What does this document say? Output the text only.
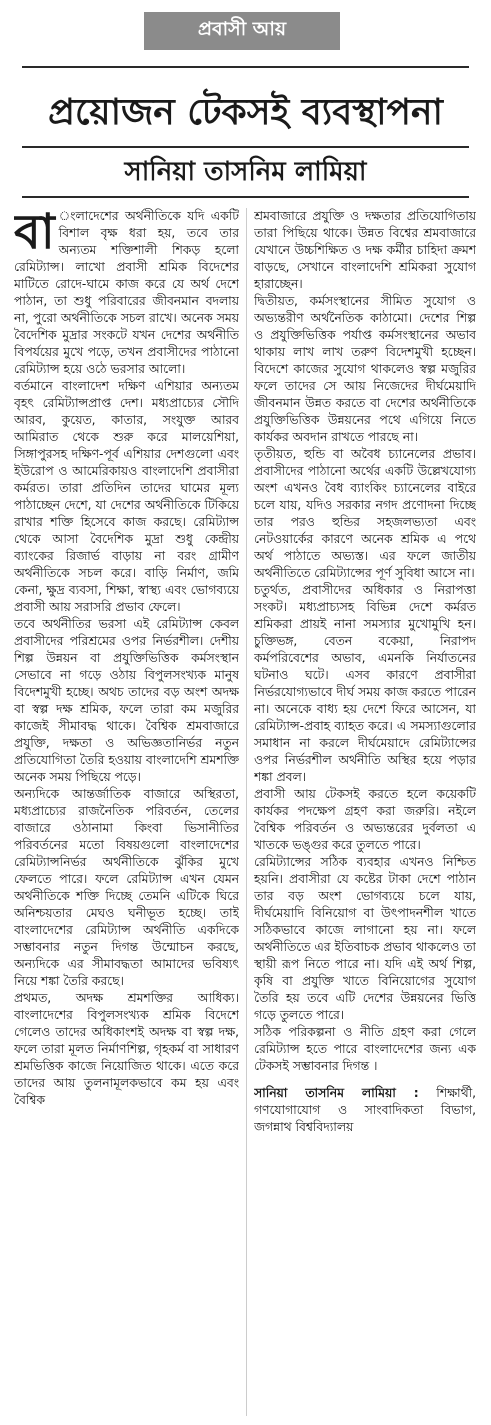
প্রবাসী আয়
প্রয়োজন টেকসই ব্যবস্থাপনা
সানিয়া তাসনিম লামিয়া

বা ংলাদেশের অর্থনীতিকে যদি একটি বিশাল বৃক্ষ ধরা হয়, তবে তার অন্যতম শক্তিশালী শিকড় হলো রেমিট্যান্স। লাখো প্রবাসী শ্রমিক বিদেশের মাটিতে রোদে-ঘামে কাজ করে যে অর্থ দেশে পাঠান, তা শুধু পরিবারের জীবনমান বদলায় না, পুরো অর্থনীতিকে সচল রাখে। অনেক সময় বৈদেশিক মুদ্রার সংকটে যখন দেশের অর্থনীতি বিপর্যয়ের মুখে পড়ে, তখন প্রবাসীদের পাঠানো রেমিট্যান্স হয়ে ওঠে ভরসার আলো।

বর্তমানে বাংলাদেশ দক্ষিণ এশিয়ার অন্যতম বৃহৎ রেমিট্যান্সপ্রাপ্ত দেশ। মধ্যপ্রাচ্যের সৌদি আরব, কুয়েত, কাতার, সংযুক্ত আরব আমিরাত থেকে শুরু করে মালয়েশিয়া, সিঙ্গাপুরসহ দক্ষিণ-পূর্ব এশিয়ার দেশগুলো এবং ইউরোপ ও আমেরিকায়ও বাংলাদেশি প্রবাসীরা কর্মরত। তারা প্রতিদিন তাদের ঘামের মূল্য পাঠাচ্ছেন দেশে, যা দেশের অর্থনীতিকে টিকিয়ে রাখার শক্তি হিসেবে কাজ করছে। রেমিট্যান্স থেকে আসা বৈদেশিক মুদ্রা শুধু কেন্দ্রীয় ব্যাংকের রিজার্ভ বাড়ায় না বরং গ্রামীণ অর্থনীতিকে সচল করে। বাড়ি নির্মাণ, জমি কেনা, ক্ষুদ্র ব্যবসা, শিক্ষা, স্বাস্থ্য এবং ভোগব্যয়ে প্রবাসী আয় সরাসরি প্রভাব ফেলে।

তবে অর্থনীতির ভরসা এই রেমিট্যান্স কেবল প্রবাসীদের পরিশ্রমের ওপর নির্ভরশীল। দেশীয় শিল্প উন্নয়ন বা প্রযুক্তিভিত্তিক কর্মসংস্থান সেভাবে না গড়ে ওঠায় বিপুলসংখ্যক মানুষ বিদেশমুখী হচ্ছে। অথচ তাদের বড় অংশ অদক্ষ বা স্বল্প দক্ষ শ্রমিক, ফলে তারা কম মজুরির কাজেই সীমাবদ্ধ থাকে। বৈশ্বিক শ্রমবাজারে প্রযুক্তি, দক্ষতা ও অভিজ্ঞতানির্ভর নতুন প্রতিযোগিতা তৈরি হওয়ায় বাংলাদেশি শ্রমশক্তি অনেক সময় পিছিয়ে পড়ে।

অন্যদিকে আন্তর্জাতিক বাজারে অস্থিরতা, মধ্যপ্রাচ্যের রাজনৈতিক পরিবর্তন, তেলের বাজারে ওঠানামা কিংবা ভিসানীতির পরিবর্তনের মতো বিষয়গুলো বাংলাদেশের রেমিট্যান্সনির্ভর অর্থনীতিকে ঝুঁকির মুখে ফেলতে পারে। ফলে রেমিট্যান্স এখন যেমন অর্থনীতিকে শক্তি দিচ্ছে তেমনি এটিকে ঘিরে অনিশ্চয়তার মেঘও ঘনীভূত হচ্ছে। তাই বাংলাদেশের রেমিট্যান্স অর্থনীতি একদিকে সম্ভাবনার নতুন দিগন্ত উন্মোচন করছে, অন্যদিকে এর সীমাবদ্ধতা আমাদের ভবিষ্যৎ নিয়ে শঙ্কা তৈরি করছে।

প্রথমত, অদক্ষ শ্রমশক্তির আধিক্য। বাংলাদেশের বিপুলসংখ্যক শ্রমিক বিদেশে গেলেও তাদের অধিকাংশই অদক্ষ বা স্বল্প দক্ষ, ফলে তারা মূলত নির্মাণশিল্প, গৃহকর্ম বা সাধারণ শ্রমভিত্তিক কাজে নিয়োজিত থাকে। এতে করে তাদের আয় তুলনামূলকভাবে কম হয় এবং বৈশ্বিক

শ্রমবাজারে প্রযুক্তি ও দক্ষতার প্রতিযোগিতায় তারা পিছিয়ে থাকে। উন্নত বিশ্বের শ্রমবাজারে যেখানে উচ্চশিক্ষিত ও দক্ষ কর্মীর চাহিদা ক্রমশ বাড়ছে, সেখানে বাংলাদেশি শ্রমিকরা সুযোগ হারাচ্ছেন।

দ্বিতীয়ত, কর্মসংস্থানের সীমিত সুযোগ ও অভ্যন্তরীণ অর্থনৈতিক কাঠামো। দেশের শিল্প ও প্রযুক্তিভিত্তিক পর্যাপ্ত কর্মসংস্থানের অভাব থাকায় লাখ লাখ তরুণ বিদেশমুখী হচ্ছেন। বিদেশে কাজের সুযোগ থাকলেও স্বল্প মজুরির ফলে তাদের সে আয় নিজেদের দীর্ঘমেয়াদি জীবনমান উন্নত করতে বা দেশের অর্থনীতিকে প্রযুক্তিভিত্তিক উন্নয়নের পথে এগিয়ে নিতে কার্যকর অবদান রাখতে পারছে না।

তৃতীয়ত, হুন্ডি বা অবৈধ চ্যানেলের প্রভাব। প্রবাসীদের পাঠানো অর্থের একটি উল্লেখযোগ্য অংশ এখনও বৈধ ব্যাংকিং চ্যানেলের বাইরে চলে যায়, যদিও সরকার নগদ প্রণোদনা দিচ্ছে তার পরও হুন্ডির সহজলভ্যতা এবং নেটওয়ার্কের কারণে অনেক শ্রমিক এ পথে অর্থ পাঠাতে অভ্যস্ত। এর ফলে জাতীয় অর্থনীতিতে রেমিট্যান্সের পূর্ণ সুবিধা আসে না।

চতুর্থত, প্রবাসীদের অধিকার ও নিরাপত্তা সংকট। মধ্যপ্রাচ্যসহ বিভিন্ন দেশে কর্মরত শ্রমিকরা প্রায়ই নানা সমস্যার মুখোমুখি হন। চুক্তিভঙ্গ, বেতন বকেয়া, নিরাপদ কর্মপরিবেশের অভাব, এমনকি নির্যাতনের ঘটনাও ঘটে। এসব কারণে প্রবাসীরা নির্ভরযোগ্যভাবে দীর্ঘ সময় কাজ করতে পারেন না। অনেকে বাধ্য হয় দেশে ফিরে আসেন, যা রেমিট্যান্স-প্রবাহ ব্যাহত করে। এ সমস্যাগুলোর সমাধান না করলে দীর্ঘমেয়াদে রেমিট্যান্সের ওপর নির্ভরশীল অর্থনীতি অস্থির হয়ে পড়ার শঙ্কা প্রবল।

প্রবাসী আয় টেকসই করতে হলে কয়েকটি কার্যকর পদক্ষেপ গ্রহণ করা জরুরি। নইলে বৈশ্বিক পরিবর্তন ও অভ্যন্তরের দুর্বলতা এ খাতকে ভঙ্গুর করে তুলতে পারে।

রেমিট্যান্সের সঠিক ব্যবহার এখনও নিশ্চিত হয়নি। প্রবাসীরা যে কষ্টের টাকা দেশে পাঠান তার বড় অংশ ভোগব্যয়ে চলে যায়, দীর্ঘমেয়াদি বিনিয়োগ বা উৎপাদনশীল খাতে সঠিকভাবে কাজে লাগানো হয় না। ফলে অর্থনীতিতে এর ইতিবাচক প্রভাব থাকলেও তা স্থায়ী রূপ নিতে পারে না। যদি এই অর্থ শিল্প, কৃষি বা প্রযুক্তি খাতে বিনিয়োগের সুযোগ তৈরি হয় তবে এটি দেশের উন্নয়নের ভিত্তি গড়ে তুলতে পারে।

সঠিক পরিকল্পনা ও নীতি গ্রহণ করা গেলে রেমিট্যান্স হতে পারে বাংলাদেশের জন্য এক টেকসই সম্ভাবনার দিগন্ত ।

সানিয়া তাসনিম লামিয়া : শিক্ষার্থী, গণযোগাযোগ ও সাংবাদিকতা বিভাগ, জগন্নাথ বিশ্ববিদ্যালয়
